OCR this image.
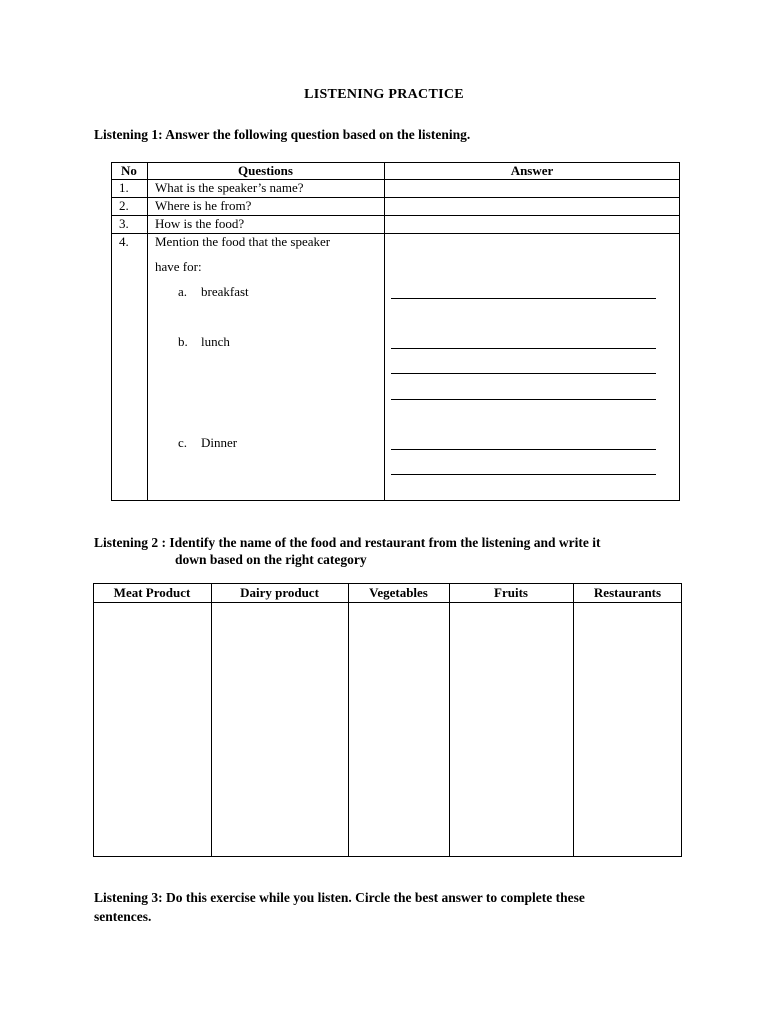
LISTENING PRACTICE
Listening 1: Answer the following question based on the listening.
No	Questions	Answer
1. What is the speaker’s name?
2. Where is he from?
3. How is the food?
4. Mention the food that the speaker
have for:
a. breakfast
b. lunch
c. Dinner
Listening 2 : Identify the name of the food and restaurant from the listening and write it
down based on the right category
Meat Product	Dairy product	Vegetables	Fruits	Restaurants
Listening 3: Do this exercise while you listen. Circle the best answer to complete these
sentences.
